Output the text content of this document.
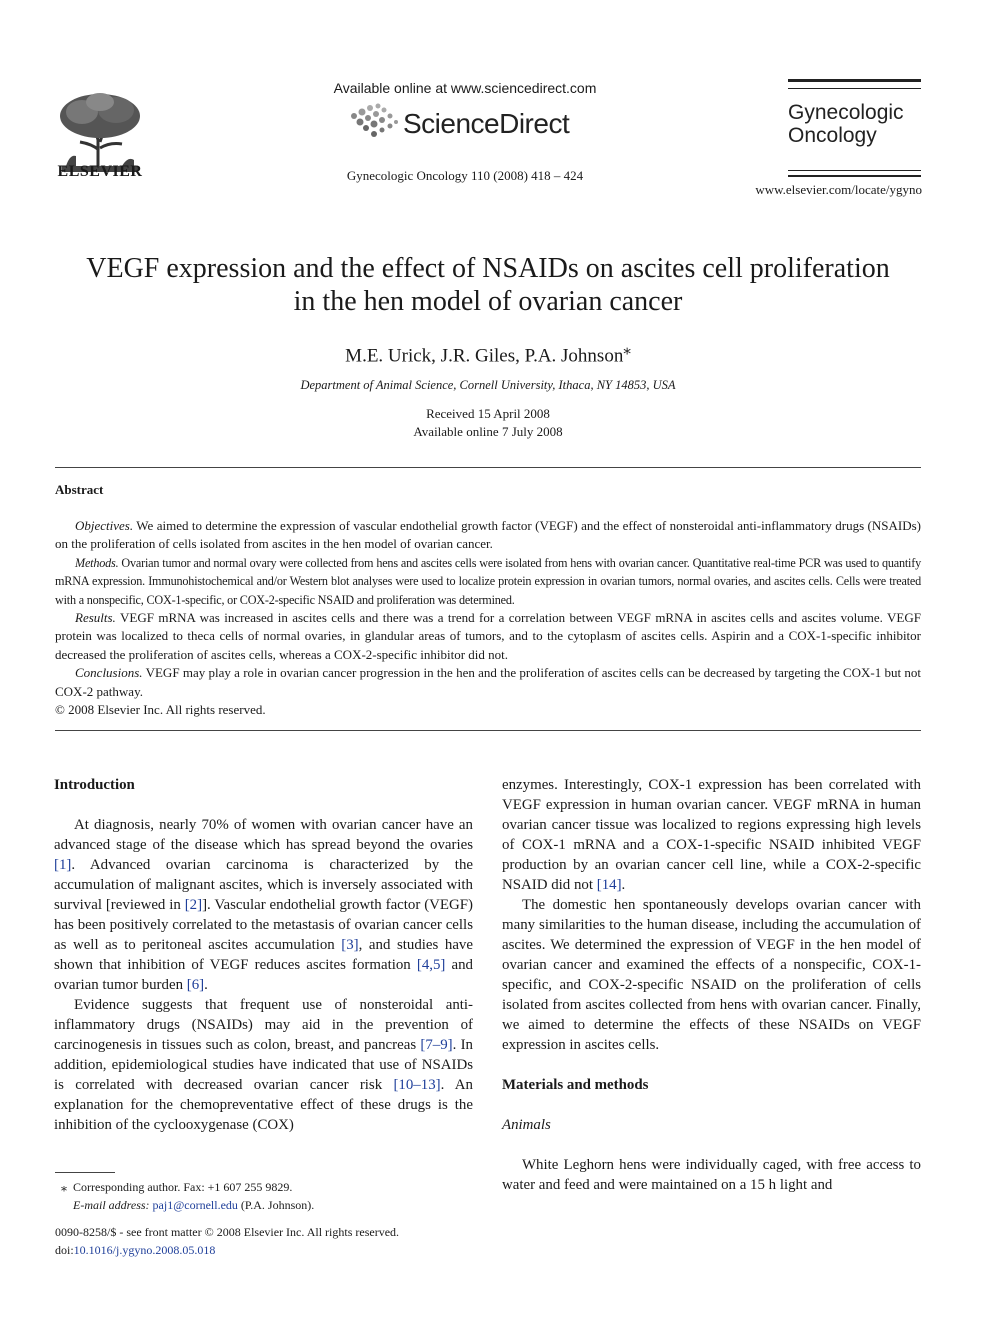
ELSEVIER
Available online at www.sciencedirect.com
ScienceDirect
Gynecologic Oncology 110 (2008) 418 – 424
Gynecologic
Oncology
www.elsevier.com/locate/ygyno
VEGF expression and the effect of NSAIDs on ascites cell proliferation
in the hen model of ovarian cancer
M.E. Urick, J.R. Giles, P.A. Johnson⁎
Department of Animal Science, Cornell University, Ithaca, NY 14853, USA
Received 15 April 2008
Available online 7 July 2008
Abstract

Objectives. We aimed to determine the expression of vascular endothelial growth factor (VEGF) and the effect of nonsteroidal anti-inflammatory drugs (NSAIDs) on the proliferation of cells isolated from ascites in the hen model of ovarian cancer.

Methods. Ovarian tumor and normal ovary were collected from hens and ascites cells were isolated from hens with ovarian cancer. Quantitative real-time PCR was used to quantify mRNA expression. Immunohistochemical and/or Western blot analyses were used to localize protein expression in ovarian tumors, normal ovaries, and ascites cells. Cells were treated with a nonspecific, COX-1-specific, or COX-2-specific NSAID and proliferation was determined.

Results. VEGF mRNA was increased in ascites cells and there was a trend for a correlation between VEGF mRNA in ascites cells and ascites volume. VEGF protein was localized to theca cells of normal ovaries, in glandular areas of tumors, and to the cytoplasm of ascites cells. Aspirin and a COX-1-specific inhibitor decreased the proliferation of ascites cells, whereas a COX-2-specific inhibitor did not.

Conclusions. VEGF may play a role in ovarian cancer progression in the hen and the proliferation of ascites cells can be decreased by targeting the COX-1 but not COX-2 pathway.

© 2008 Elsevier Inc. All rights reserved.

Introduction

At diagnosis, nearly 70% of women with ovarian cancer have an advanced stage of the disease which has spread beyond the ovaries [1]. Advanced ovarian carcinoma is characterized by the accumulation of malignant ascites, which is inversely associated with survival [reviewed in [2]]. Vascular endothelial growth factor (VEGF) has been positively correlated to the metastasis of ovarian cancer cells as well as to peritoneal ascites accumulation [3], and studies have shown that inhibition of VEGF reduces ascites formation [4,5] and ovarian tumor burden [6].

Evidence suggests that frequent use of nonsteroidal anti-inflammatory drugs (NSAIDs) may aid in the prevention of carcinogenesis in tissues such as colon, breast, and pancreas [7–9]. In addition, epidemiological studies have indicated that use of NSAIDs is correlated with decreased ovarian cancer risk [10–13]. An explanation for the chemopreventative effect of these drugs is the inhibition of the cyclooxygenase (COX)

enzymes. Interestingly, COX-1 expression has been correlated with VEGF expression in human ovarian cancer. VEGF mRNA in human ovarian cancer tissue was localized to regions expressing high levels of COX-1 mRNA and a COX-1-specific NSAID inhibited VEGF production by an ovarian cancer cell line, while a COX-2-specific NSAID did not [14].

The domestic hen spontaneously develops ovarian cancer with many similarities to the human disease, including the accumulation of ascites. We determined the expression of VEGF in the hen model of ovarian cancer and examined the effects of a nonspecific, COX-1-specific, and COX-2-specific NSAID on the proliferation of cells isolated from ascites collected from hens with ovarian cancer. Finally, we aimed to determine the effects of these NSAIDs on VEGF expression in ascites cells.

Materials and methods
Animals

White Leghorn hens were individually caged, with free access to water and feed and were maintained on a 15 h light and

⁎ Corresponding author. Fax: +1 607 255 9829.
E-mail address: paj1@cornell.edu (P.A. Johnson).
0090-8258/$ - see front matter © 2008 Elsevier Inc. All rights reserved.
doi:10.1016/j.ygyno.2008.05.018
